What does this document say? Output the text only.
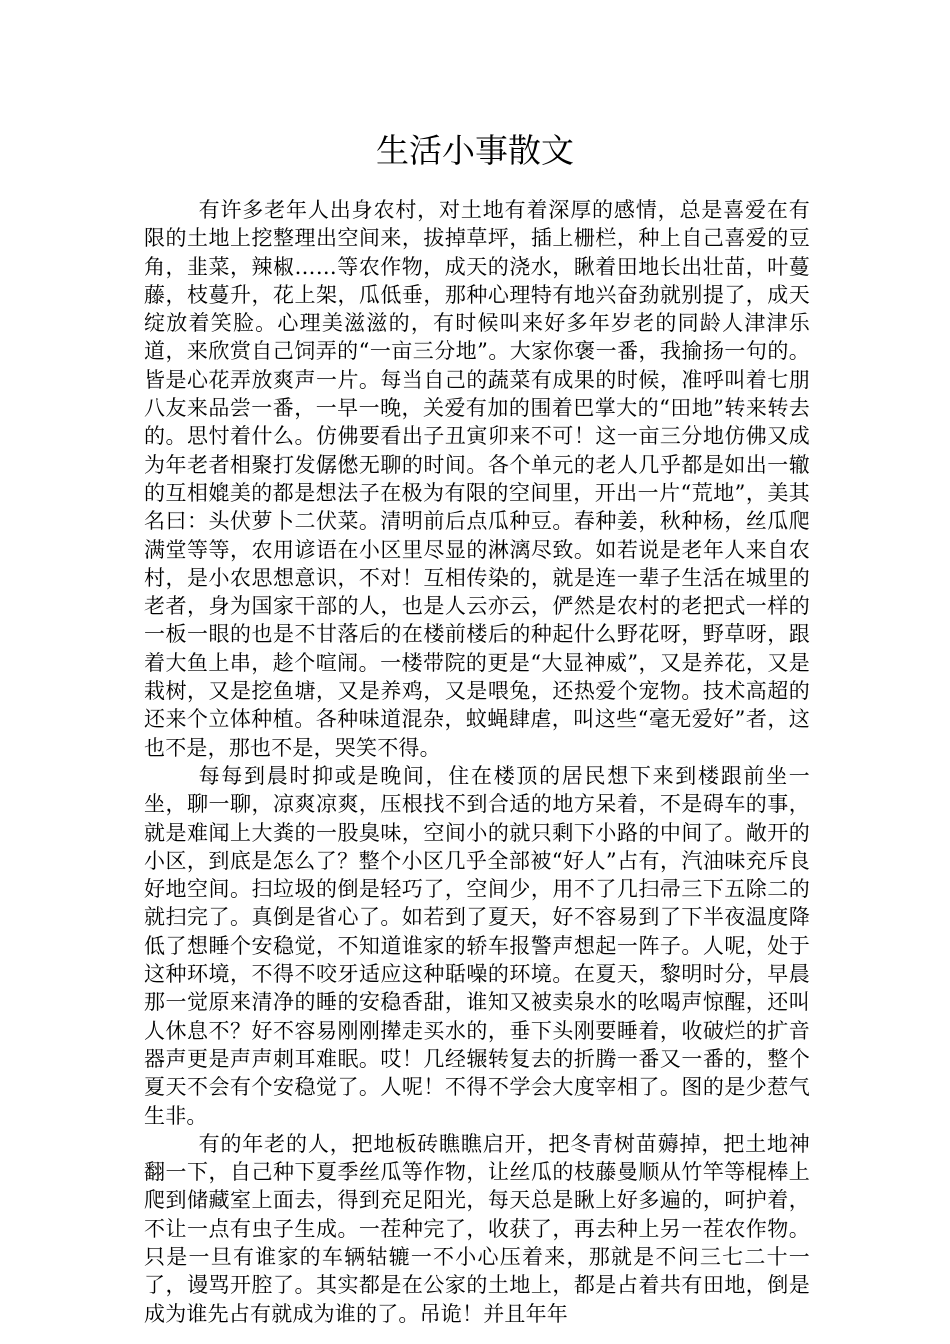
生活小事散文

有许多老年人出身农村，对土地有着深厚的感情，总是喜爱在有限的土地上挖整理出空间来，拔掉草坪，插上栅栏，种上自己喜爱的豆角，韭菜，辣椒……等农作物，成天的浇水，瞅着田地长出壮苗，叶蔓藤，枝蔓升，花上架，瓜低垂，那种心理特有地兴奋劲就别提了，成天绽放着笑脸。心理美滋滋的，有时候叫来好多年岁老的同龄人津津乐道，来欣赏自己饲弄的“一亩三分地”。大家你褒一番，我揄扬一句的。皆是心花弄放爽声一片。每当自己的蔬菜有成果的时候，准呼叫着七朋八友来品尝一番，一早一晚，关爱有加的围着巴掌大的“田地”转来转去的。思忖着什么。仿佛要看出子丑寅卯来不可！这一亩三分地仿佛又成为年老者相聚打发僝僽无聊的时间。各个单元的老人几乎都是如出一辙的互相媲美的都是想法子在极为有限的空间里，开出一片“荒地”，美其名曰：头伏萝卜二伏菜。清明前后点瓜种豆。春种姜，秋种杨，丝瓜爬满堂等等，农用谚语在小区里尽显的淋漓尽致。如若说是老年人来自农村，是小农思想意识，不对！互相传染的，就是连一辈子生活在城里的老者，身为国家干部的人，也是人云亦云，俨然是农村的老把式一样的一板一眼的也是不甘落后的在楼前楼后的种起什么野花呀，野草呀，跟着大鱼上串，趁个喧闹。一楼带院的更是“大显神威”，又是养花，又是栽树，又是挖鱼塘，又是养鸡，又是喂兔，还热爱个宠物。技术高超的还来个立体种植。各种味道混杂，蚊蝇肆虐，叫这些“毫无爱好”者，这也不是，那也不是，哭笑不得。

每每到晨时抑或是晚间，住在楼顶的居民想下来到楼跟前坐一坐，聊一聊，凉爽凉爽，压根找不到合适的地方呆着，不是碍车的事，就是难闻上大粪的一股臭味，空间小的就只剩下小路的中间了。敞开的小区，到底是怎么了？整个小区几乎全部被“好人”占有，汽油味充斥良好地空间。扫垃圾的倒是轻巧了，空间少，用不了几扫帚三下五除二的就扫完了。真倒是省心了。如若到了夏天，好不容易到了下半夜温度降低了想睡个安稳觉，不知道谁家的轿车报警声想起一阵子。人呢，处于这种环境，不得不咬牙适应这种聒噪的环境。在夏天，黎明时分，早晨那一觉原来清净的睡的安稳香甜，谁知又被卖泉水的吆喝声惊醒，还叫人休息不？好不容易刚刚撵走买水的，垂下头刚要睡着，收破烂的扩音器声更是声声刺耳难眠。哎！几经辗转复去的折腾一番又一番的，整个夏天不会有个安稳觉了。人呢！不得不学会大度宰相了。图的是少惹气生非。

有的年老的人，把地板砖瞧瞧启开，把冬青树苗薅掉，把土地神翻一下，自己种下夏季丝瓜等作物，让丝瓜的枝藤曼顺从竹竿等棍棒上爬到储藏室上面去，得到充足阳光，每天总是瞅上好多遍的，呵护着，不让一点有虫子生成。一茬种完了，收获了，再去种上另一茬农作物。只是一旦有谁家的车辆轱辘一不小心压着来，那就是不问三七二十一了，谩骂开腔了。其实都是在公家的土地上，都是占着共有田地，倒是成为谁先占有就成为谁的了。吊诡！并且年年
